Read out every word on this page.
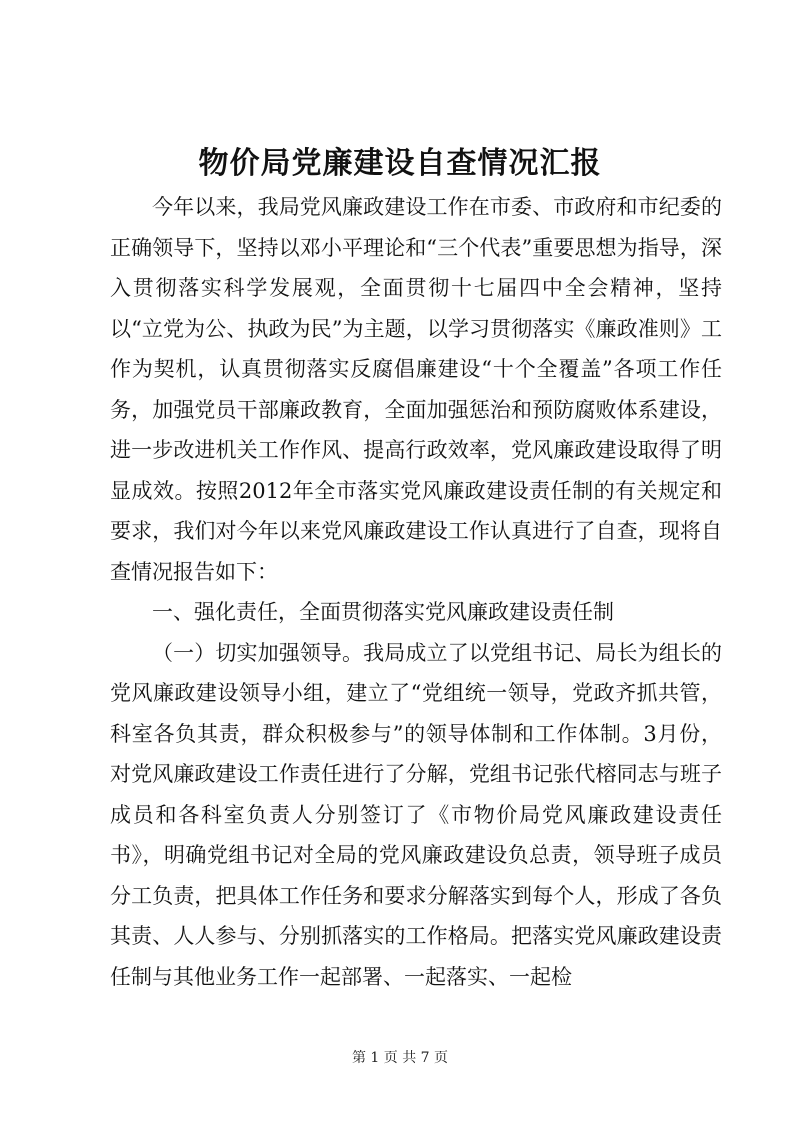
物价局党廉建设自查情况汇报

今年以来，我局党风廉政建设工作在市委、市政府和市纪委的正确领导下，坚持以邓小平理论和“三个代表”重要思想为指导，深入贯彻落实科学发展观，全面贯彻十七届四中全会精神，坚持以“立党为公、执政为民”为主题，以学习贯彻落实《廉政准则》工作为契机，认真贯彻落实反腐倡廉建设“十个全覆盖”各项工作任务，加强党员干部廉政教育，全面加强惩治和预防腐败体系建设，进一步改进机关工作作风、提高行政效率，党风廉政建设取得了明显成效。按照2012年全市落实党风廉政建设责任制的有关规定和要求，我们对今年以来党风廉政建设工作认真进行了自查，现将自查情况报告如下：

一、强化责任，全面贯彻落实党风廉政建设责任制

（一）切实加强领导。我局成立了以党组书记、局长为组长的党风廉政建设领导小组，建立了“党组统一领导，党政齐抓共管，科室各负其责，群众积极参与”的领导体制和工作体制。3月份，对党风廉政建设工作责任进行了分解，党组书记张代榕同志与班子成员和各科室负责人分别签订了《市物价局党风廉政建设责任书》，明确党组书记对全局的党风廉政建设负总责，领导班子成员分工负责，把具体工作任务和要求分解落实到每个人，形成了各负其责、人人参与、分别抓落实的工作格局。把落实党风廉政建设责任制与其他业务工作一起部署、一起落实、一起检

第 1 页 共 7 页
